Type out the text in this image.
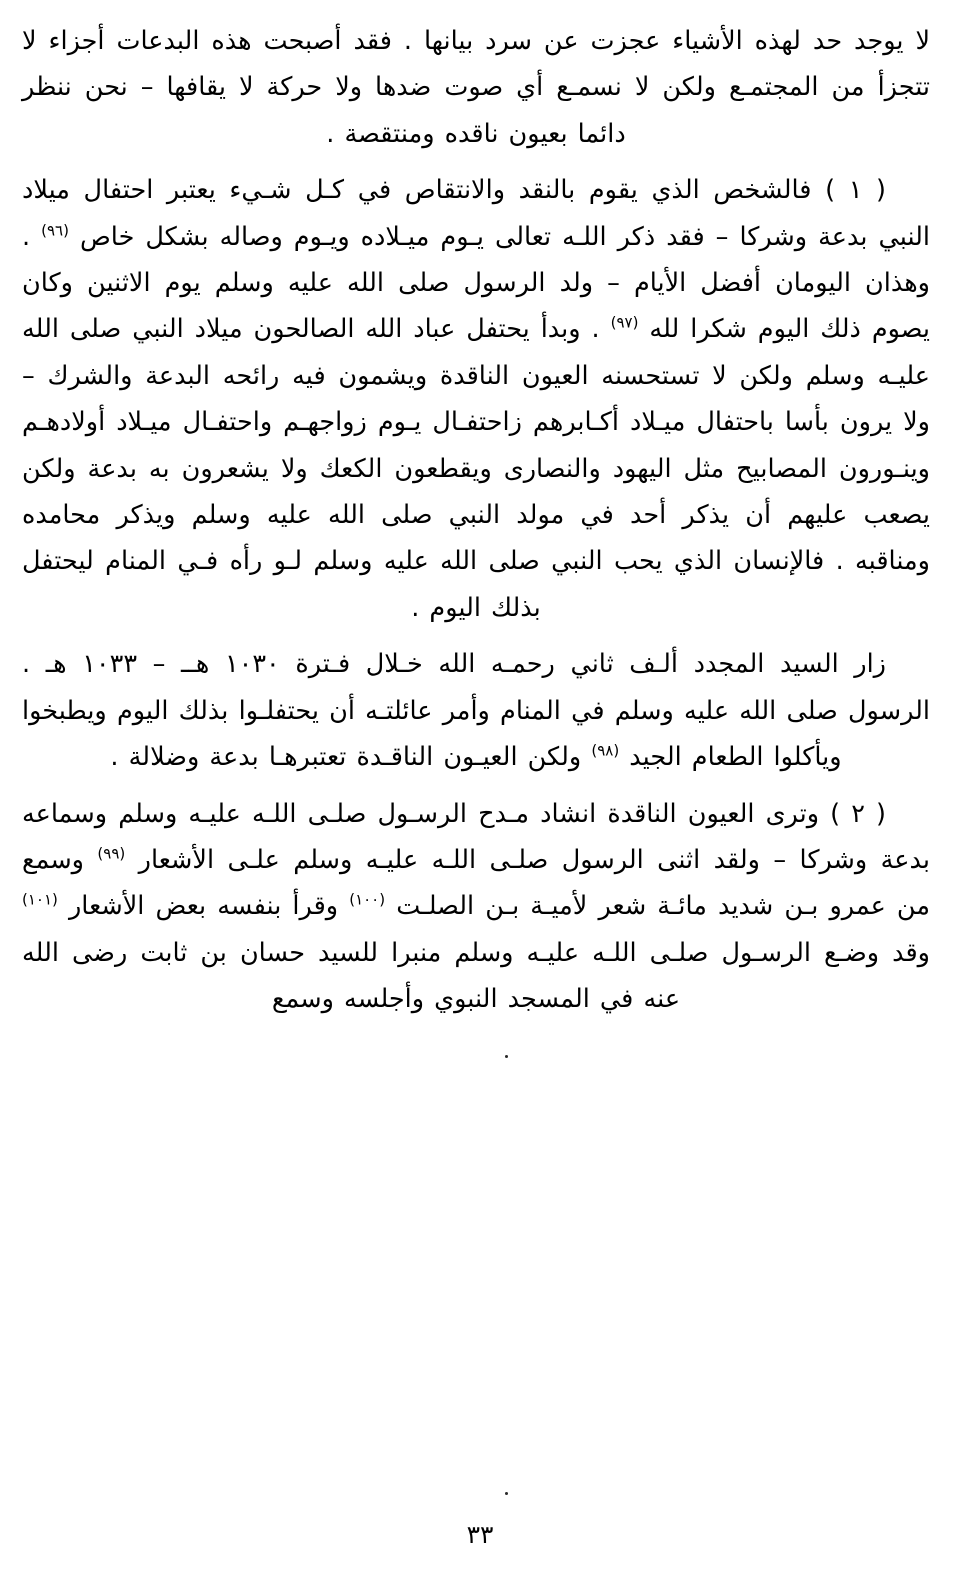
لا يوجد حد لهذه الأشياء عجزت عن سرد بيانها . فقد أصبحت هذه البدعات أجزاء لا تتجزأ من المجتمـع ولكن لا نسمـع أي صوت ضدها ولا حركة لا يقافها – نحن ننظر دائما بعيون ناقده ومنتقصة .

( ١ ) فالشخص الذي يقوم بالنقد والانتقاص في كـل شـيء يعتبر احتفال ميلاد النبي بدعة وشركا – فقد ذكر اللـه تعالى يـوم ميـلاده ويـوم وصاله بشكل خاص $^{(٩٦)}$ . وهذان اليومان أفضل الأيام – ولد الرسول صلى الله عليه وسلم يوم الاثنين وكان يصوم ذلك اليوم شكرا لله $^{(٩٧)}$ . وبدأ يحتفل عباد الله الصالحون ميلاد النبي صلى الله عليـه وسلم ولكن لا تستحسنه العيون الناقدة ويشمون فيه رائحه البدعة والشرك – ولا يرون بأسا باحتفال ميـلاد أكـابرهم زاحتفـال يـوم زواجهـم واحتفـال ميـلاد أولادهـم وينـورون المصابيح مثل اليهود والنصارى ويقطعون الكعك ولا يشعرون به بدعة ولكن يصعب عليهم أن يذكر أحد في مولد النبي صلى الله عليه وسلم ويذكر محامده ومناقبه . فالإنسان الذي يحب النبي صلى الله عليه وسلم لـو رأه فـي المنام ليحتفل بذلك اليوم .

زار السيد المجدد ألـف ثاني رحمـه الله خـلال فـترة ١٠٣٠ هــ – ١٠٣٣ هـ . الرسول صلى الله عليه وسلم في المنام وأمر عائلتـه أن يحتفلـوا بذلك اليوم ويطبخوا ويأكلوا الطعام الجيد $^{(٩٨)}$ ولكن العيـون الناقـدة تعتبرهـا بدعة وضلالة .

( ٢ ) وترى العيون الناقدة انشاد مـدح الرسـول صلـى اللـه عليـه وسلم وسماعه بدعة وشركا – ولقد اثنى الرسول صلـى اللـه عليـه وسلم علـى الأشعار $^{(٩٩)}$ وسمع من عمرو بـن شديد مائـة شعر لأميـة بـن الصلـت $^{(١٠٠)}$ وقرأ بنفسه بعض الأشعار $^{(١٠١)}$ وقد وضـع الرسـول صلـى اللـه عليـه وسلم منبرا للسيد حسان بن ثابت رضى الله عنه في المسجد النبوي وأجلسه وسمع

٣٣
